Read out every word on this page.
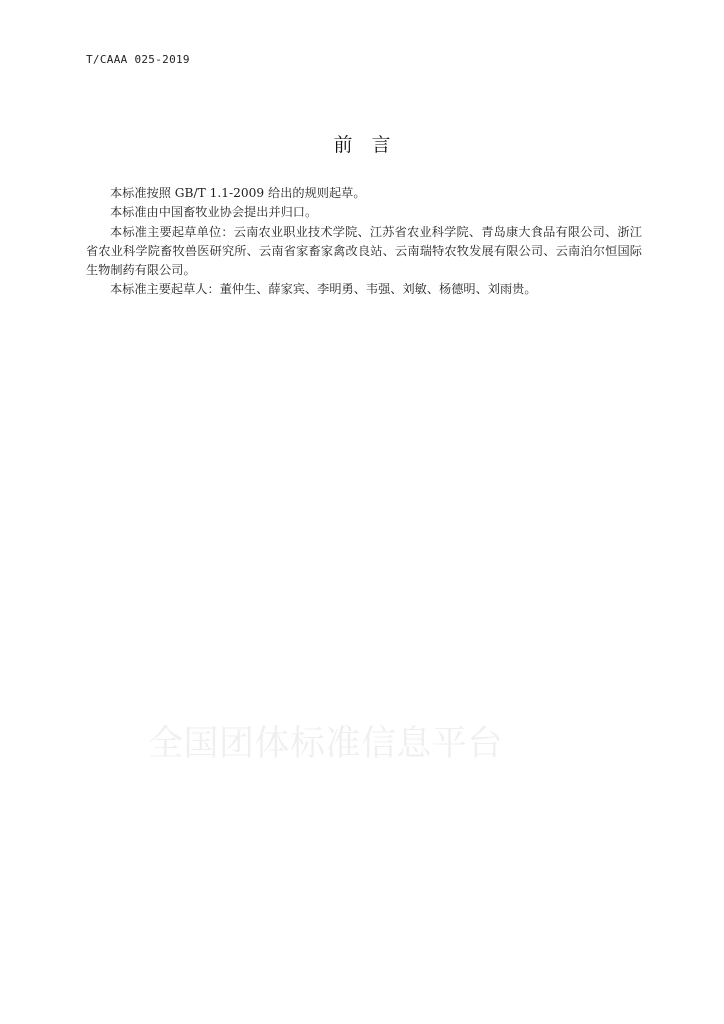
T/CAAA 025-2019
前言

本标准按照 GB/T 1.1-2009 给出的规则起草。

本标准由中国畜牧业协会提出并归口。

本标准主要起草单位：云南农业职业技术学院、江苏省农业科学院、青岛康大食品有限公司、浙江省农业科学院畜牧兽医研究所、云南省家畜家禽改良站、云南瑞特农牧发展有限公司、云南泊尔恒国际生物制药有限公司。

本标准主要起草人：董仲生、薛家宾、李明勇、韦强、刘敏、杨德明、刘雨贵。

全国团体标准信息平台
